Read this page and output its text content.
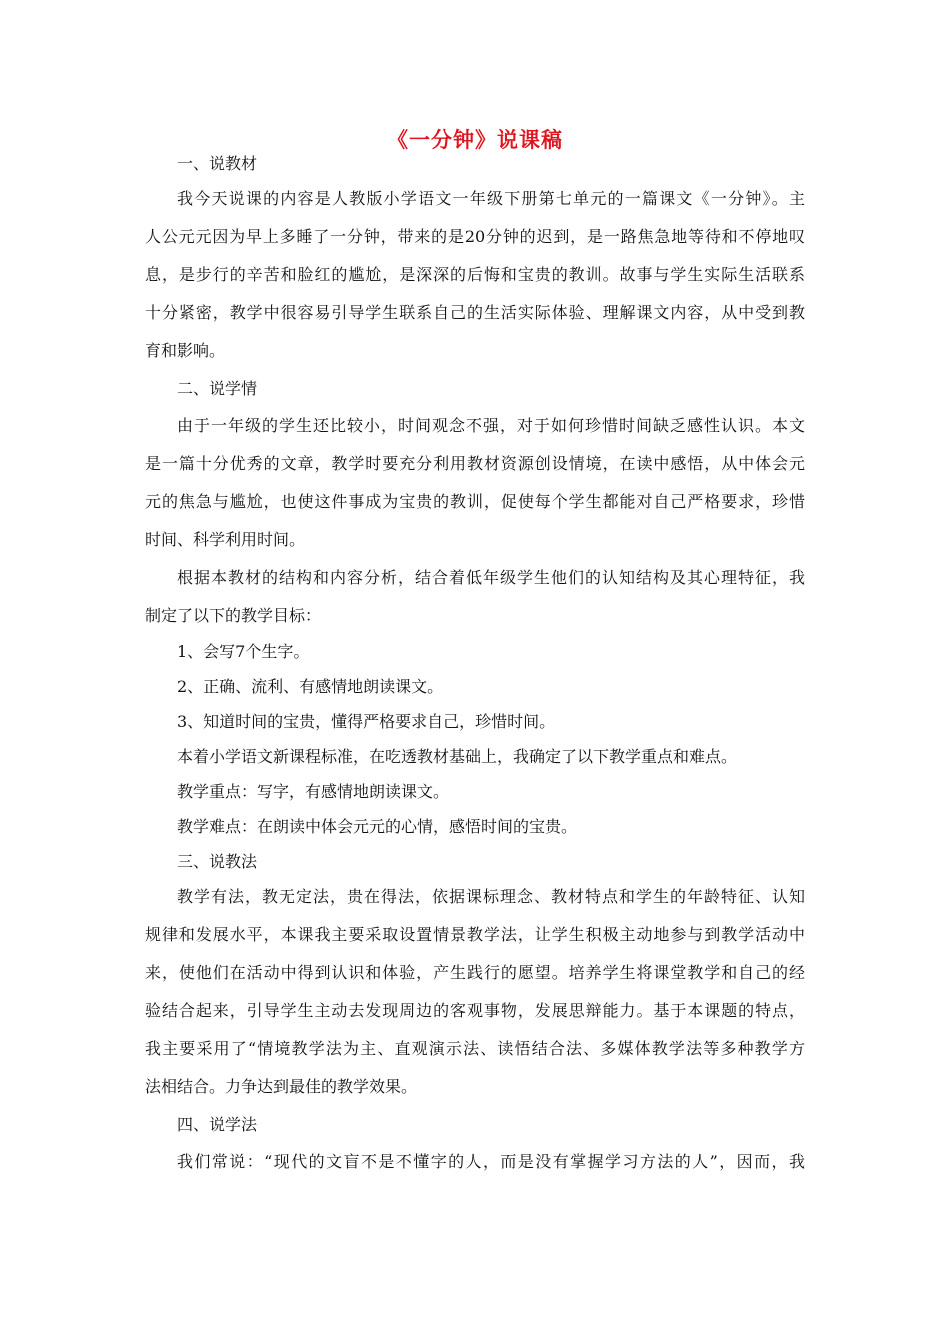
《一分钟》说课稿
一、说教材
我今天说课的内容是人教版小学语文一年级下册第七单元的一篇课文《一分钟》。主
人公元元因为早上多睡了一分钟，带来的是20分钟的迟到，是一路焦急地等待和不停地叹
息，是步行的辛苦和脸红的尴尬，是深深的后悔和宝贵的教训。故事与学生实际生活联系
十分紧密，教学中很容易引导学生联系自己的生活实际体验、理解课文内容，从中受到教
育和影响。
二、说学情
由于一年级的学生还比较小，时间观念不强，对于如何珍惜时间缺乏感性认识。本文
是一篇十分优秀的文章，教学时要充分利用教材资源创设情境，在读中感悟，从中体会元
元的焦急与尴尬，也使这件事成为宝贵的教训，促使每个学生都能对自己严格要求，珍惜
时间、科学利用时间。
根据本教材的结构和内容分析，结合着低年级学生他们的认知结构及其心理特征，我
制定了以下的教学目标：
1、会写7个生字。
2、正确、流利、有感情地朗读课文。
3、知道时间的宝贵，懂得严格要求自己，珍惜时间。
本着小学语文新课程标准，在吃透教材基础上，我确定了以下教学重点和难点。
教学重点：写字，有感情地朗读课文。
教学难点：在朗读中体会元元的心情，感悟时间的宝贵。
三、说教法
教学有法，教无定法，贵在得法，依据课标理念、教材特点和学生的年龄特征、认知
规律和发展水平，本课我主要采取设置情景教学法，让学生积极主动地参与到教学活动中
来，使他们在活动中得到认识和体验，产生践行的愿望。培养学生将课堂教学和自己的经
验结合起来，引导学生主动去发现周边的客观事物，发展思辩能力。基于本课题的特点，
我主要采用了“情境教学法为主、直观演示法、读悟结合法、多媒体教学法等多种教学方
法相结合。力争达到最佳的教学效果。
四、说学法
我们常说：“现代的文盲不是不懂字的人，而是没有掌握学习方法的人”，因而，我
